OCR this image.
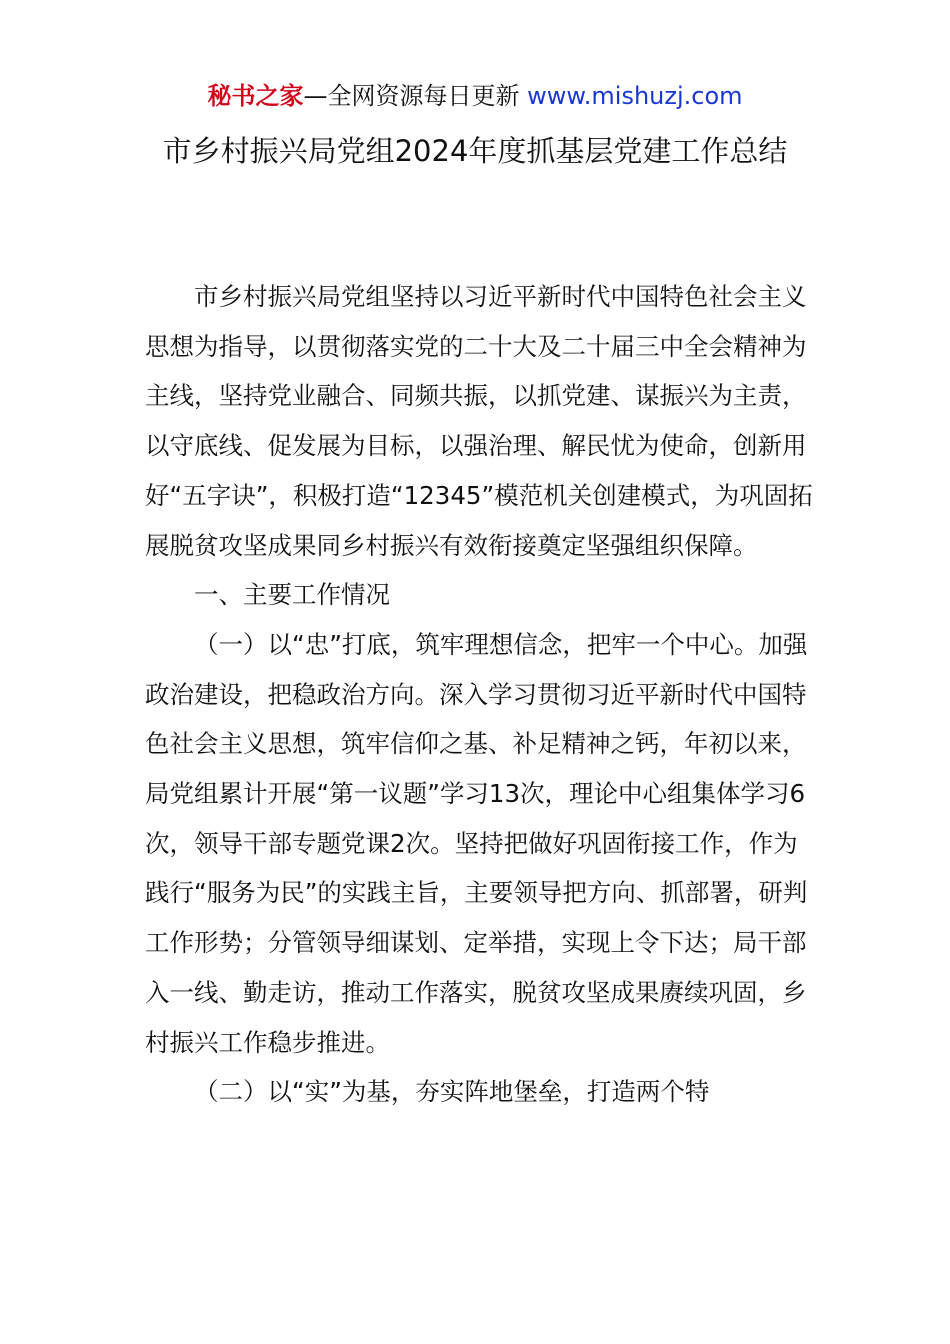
秘书之家—全网资源每日更新 www.mishuzj.com
市乡村振兴局党组2024年度抓基层党建工作总结

市乡村振兴局党组坚持以习近平新时代中国特色社会主义思想为指导，以贯彻落实党的二十大及二十届三中全会精神为主线，坚持党业融合、同频共振，以抓党建、谋振兴为主责，以守底线、促发展为目标，以强治理、解民忧为使命，创新用好“五字诀”，积极打造“12345”模范机关创建模式，为巩固拓展脱贫攻坚成果同乡村振兴有效衔接奠定坚强组织保障。

一、主要工作情况

（一）以“忠”打底，筑牢理想信念，把牢一个中心。加强政治建设，把稳政治方向。深入学习贯彻习近平新时代中国特色社会主义思想，筑牢信仰之基、补足精神之钙，年初以来，局党组累计开展“第一议题”学习13次，理论中心组集体学习6次，领导干部专题党课2次。坚持把做好巩固衔接工作，作为践行“服务为民”的实践主旨，主要领导把方向、抓部署，研判工作形势；分管领导细谋划、定举措，实现上令下达；局干部入一线、勤走访，推动工作落实，脱贫攻坚成果赓续巩固，乡村振兴工作稳步推进。

（二）以“实”为基，夯实阵地堡垒，打造两个特
